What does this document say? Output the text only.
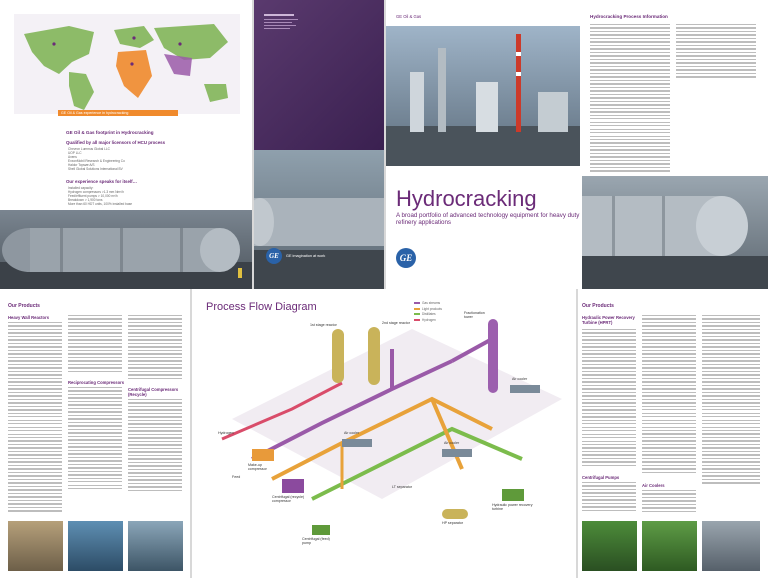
GE Oil & Gas experience in hydrocracking
GE Oil & Gas footprint in Hydrocracking
Qualified by all major licensors of HCU process
Chevron Lummus Global LLC
UOP LLC
Axens
ExxonMobil Research & Engineering Co
Haldor Topsøe A/S
Shell Global Solutions International BV
Our experience speaks for itself…
Installed capacity:
Hydrogen compressors >1.3 mm Nm³/h
Feed/effluent pumps > 10,000 m³/h
Breakdown > 1,900 tons
More than 60 HDT units, 100% installed base
GE	GE imagination at work
GE Oil & Gas	Hydrocracking Process Information
Hydrocracking
A broad portfolio of advanced technology equipment for heavy duty refinery applications
GE
Our Products
Heavy Wall Reactors
Reciprocating Compressors
Centrifugal Compressors (Recycle)
Process Flow Diagram	Gas streams
Light products
Distillates
Hydrogen
1st stage reactor	2nd stage reactor
Fractionation tower
Air cooler
Air cooler
Air cooler
Make-up compressor
Centrifugal (recycle) compressor
Hydraulic power recovery turbine
HP separator
Centrifugal (feed) pump
LT separator
Hydrogen
Feed
Our Products
Hydraulic Power Recovery Turbine (HPRT)
Centrifugal Pumps
Air Coolers
